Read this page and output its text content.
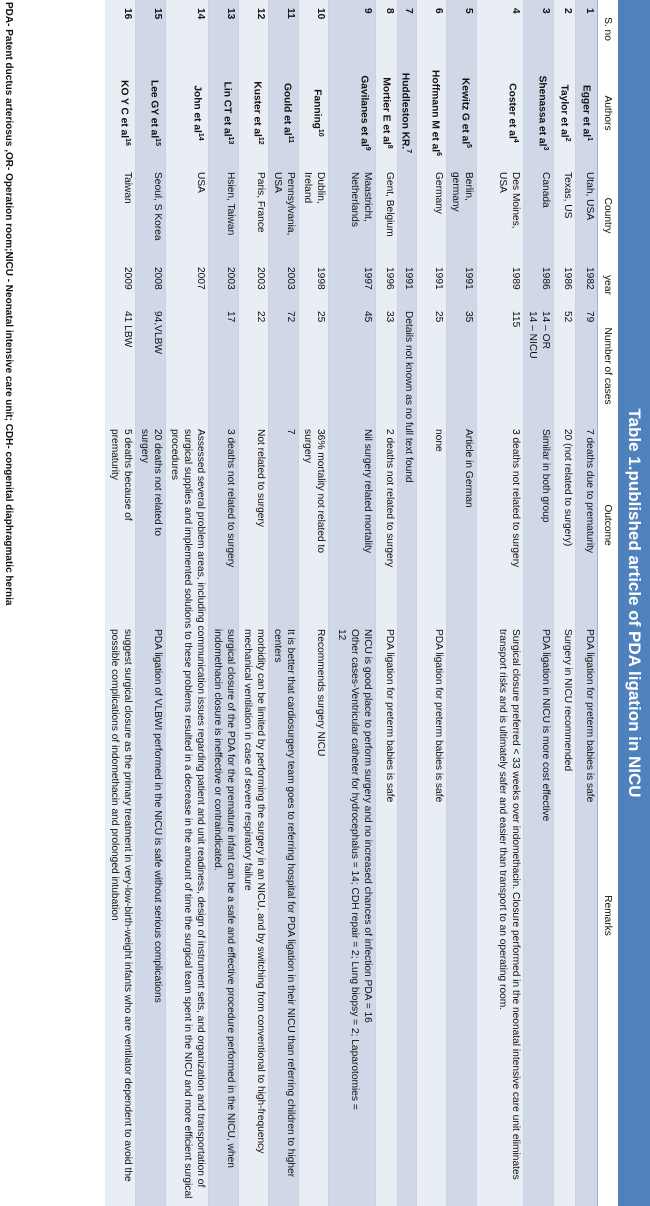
Table 1.published article of PDA ligation in NICU
S. no	Authors	Country	year	Number of cases	Outcome	Remarks	
1	Egger et $al^1$	Utah, USA	1982	79	7 deaths due to prematurity	PDA ligation for preterm babies is safe	
2	Taylor et $al^2$	Texas, US	1986	52	20 (not related to surgery)	Surgery in NICU recommended	
3	Shenassa et $al^3$	Canada	1986	14 – OR
14 – NICU	Similar in both group	PDA ligation in NICU is more cost effective	
4	Coster et $al^4$	Des Moines,
USA	1989	115	3 deaths not related to surgery	Surgical closure preferred < 33 weeks over indomethacin. Closure performed in the neonatal intensive care unit eliminates transport risks and is ultimately safer and easier than transport to an operating room.	
5	Kewitz G et $al^5$	Berlin,
germany	1991	35	Article in German		
6	Hoffmann M et $al^6$	Germany	1991	25	none	PDA ligation for preterm babies is safe	
7	Huddleston KR.$^7$		1991	Details not known as no full text found			
8	Mortier E et $al^8$	Gent, Belgium	1996	33	2 deaths not related to surgery	PDA ligation for preterm babies is safe	
9	Gavilanes et $al^9$	Maastricht,
Netherlands	1997	45	Nil surgery related mortality	NICU is good place to perform surgery and no increased chances of infection PDA = 16
Other cases-Ventricular catheter for hydrocephalus = 14; CDH repair = 2; Lung biopsy = 2; Laparotomies =
12	
10	Fanning$^{10}$	Dublin,
Ireland	1998	25	36% mortality not related to
surgery	Recommends surgery NICU	
11	Gould et $al^{11}$	Pennsylvania,
USA	2003	72	7	It is better that cardiosurgery team goes to referring hospital for PDA ligation in their NICU than referring children to higher centers	
12	Kuster et $al^{12}$	Paris, France	2003	22	Not related to surgery	morbidity can be limited by performing the surgery in an NICU, and by switching from conventional to high-frequency mechanical ventilation in case of severe respiratory failure	
13	Lin CT et $al^{13}$	Hsien, Taiwan	2003	17	3 deaths not related to surgery	surgical closure of the PDA for the premature infant can be a safe and effective procedure performed in the NICU, when indomethacin closure is ineffective or contraindicated.	
14	John et $al^{14}$	USA	2007		Assessed several problem areas, including communication issues regarding patient and unit readiness, design of instrument sets, and organization and transportation of surgical supplies and implemented solutions to these problems resulted in a decrease in the amount of time the surgical team spent in the NICU and more efficient surgical procedures		
15	Lee GY et $al^{15}$	Seoul, S Korea	2008	94,VLBW	20 deaths not related to
surgery	PDA ligation of VLBWI performed in the NICU is safe without serious complications	
16	KO Y C et $al^{16}$	Taiwan	2009	41 LBW	5 deaths because of
prematurity	suggest surgical closure as the primary treatment in very-low-birth-weight infants who are ventilator dependent to avoid the possible complications of indomethacin and prolonged intubation	
PDA- Patent ductus arteriosus ,OR- Operation room;NICU - Neonatal intensive care unit; CDH- congenital diaphragmatic hernia
